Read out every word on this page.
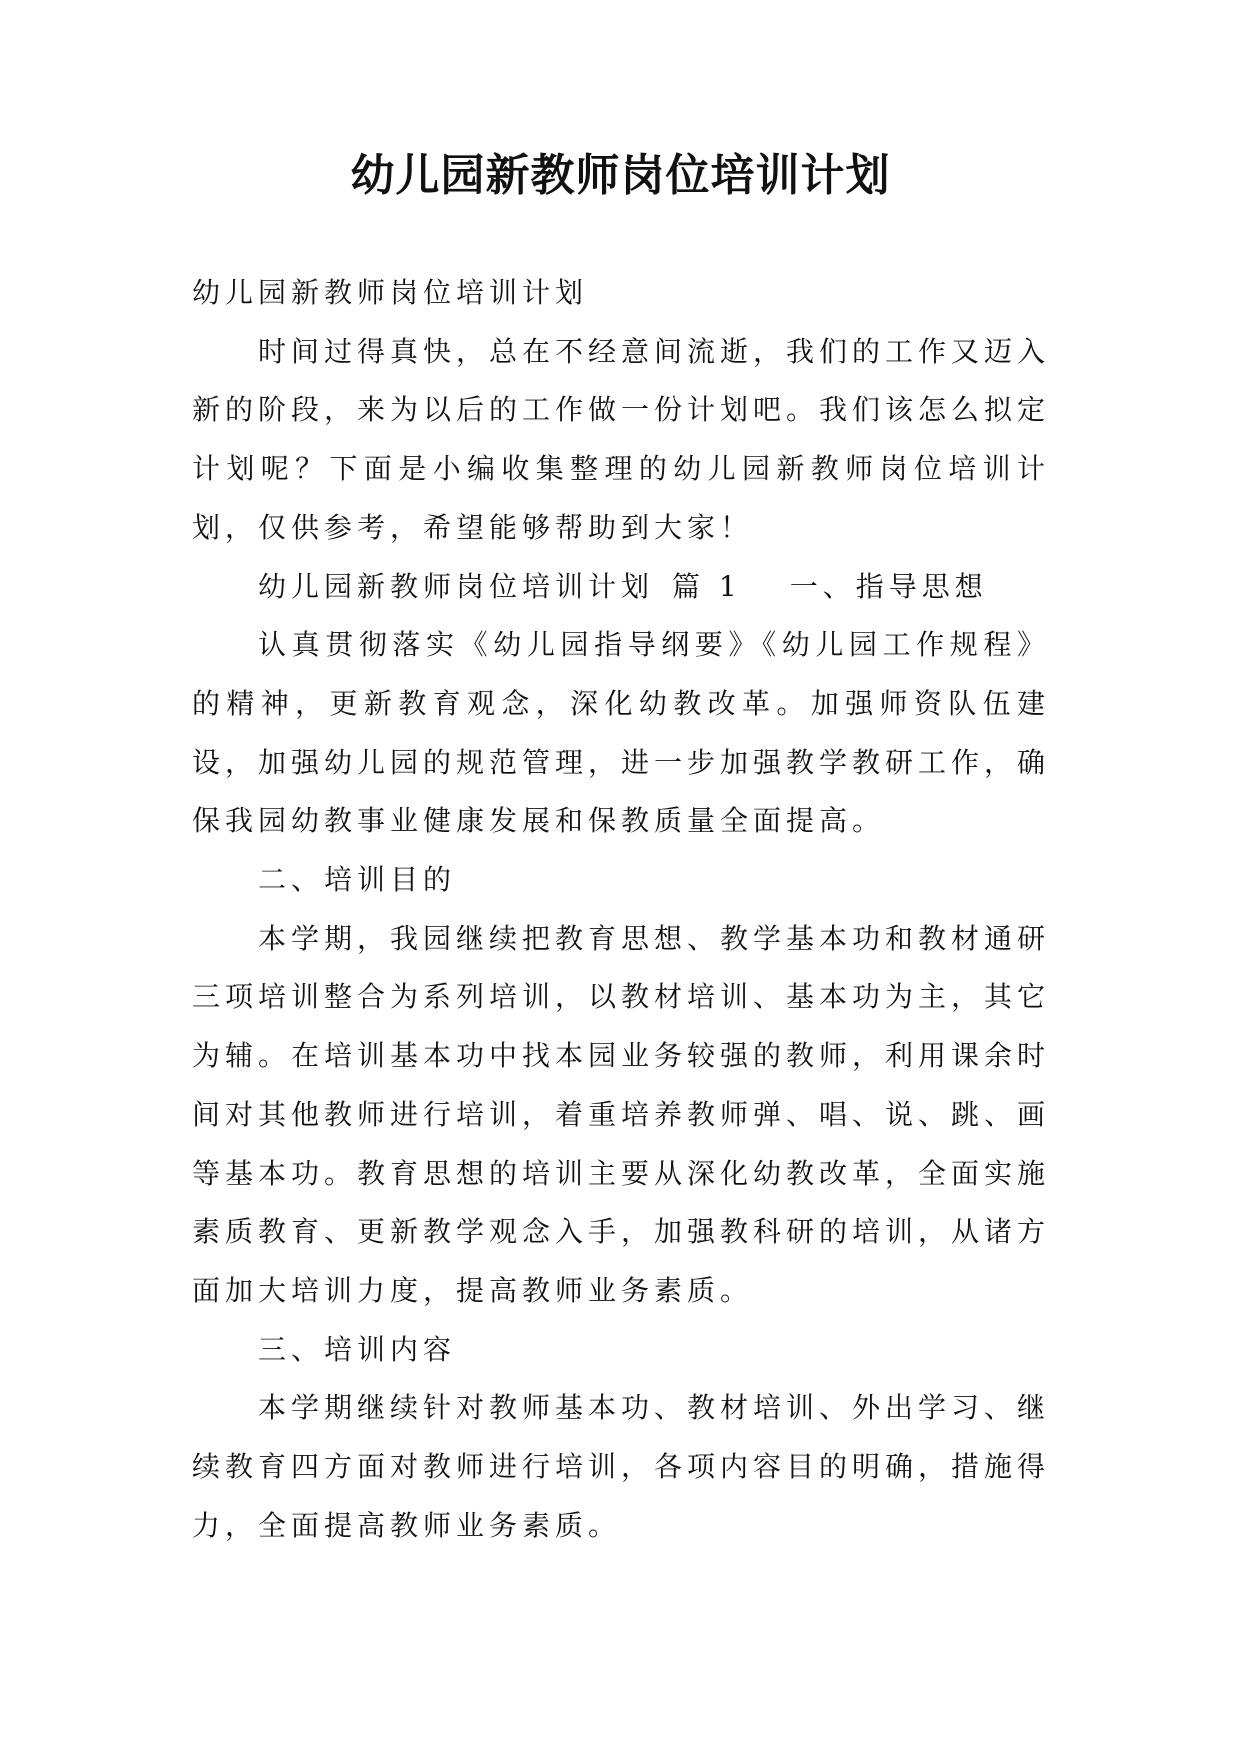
幼儿园新教师岗位培训计划

幼儿园新教师岗位培训计划

时间过得真快，总在不经意间流逝，我们的工作又迈入新的阶段，来为以后的工作做一份计划吧。我们该怎么拟定计划呢？下面是小编收集整理的幼儿园新教师岗位培训计划，仅供参考，希望能够帮助到大家！

幼儿园新教师岗位培训计划 篇 1 一、指导思想

认真贯彻落实《幼儿园指导纲要》《幼儿园工作规程》的精神，更新教育观念，深化幼教改革。加强师资队伍建设，加强幼儿园的规范管理，进一步加强教学教研工作，确保我园幼教事业健康发展和保教质量全面提高。

二、培训目的

本学期，我园继续把教育思想、教学基本功和教材通研三项培训整合为系列培训，以教材培训、基本功为主，其它为辅。在培训基本功中找本园业务较强的教师，利用课余时间对其他教师进行培训，着重培养教师弹、唱、说、跳、画等基本功。教育思想的培训主要从深化幼教改革，全面实施素质教育、更新教学观念入手，加强教科研的培训，从诸方面加大培训力度，提高教师业务素质。

三、培训内容

本学期继续针对教师基本功、教材培训、外出学习、继续教育四方面对教师进行培训，各项内容目的明确，措施得力，全面提高教师业务素质。
